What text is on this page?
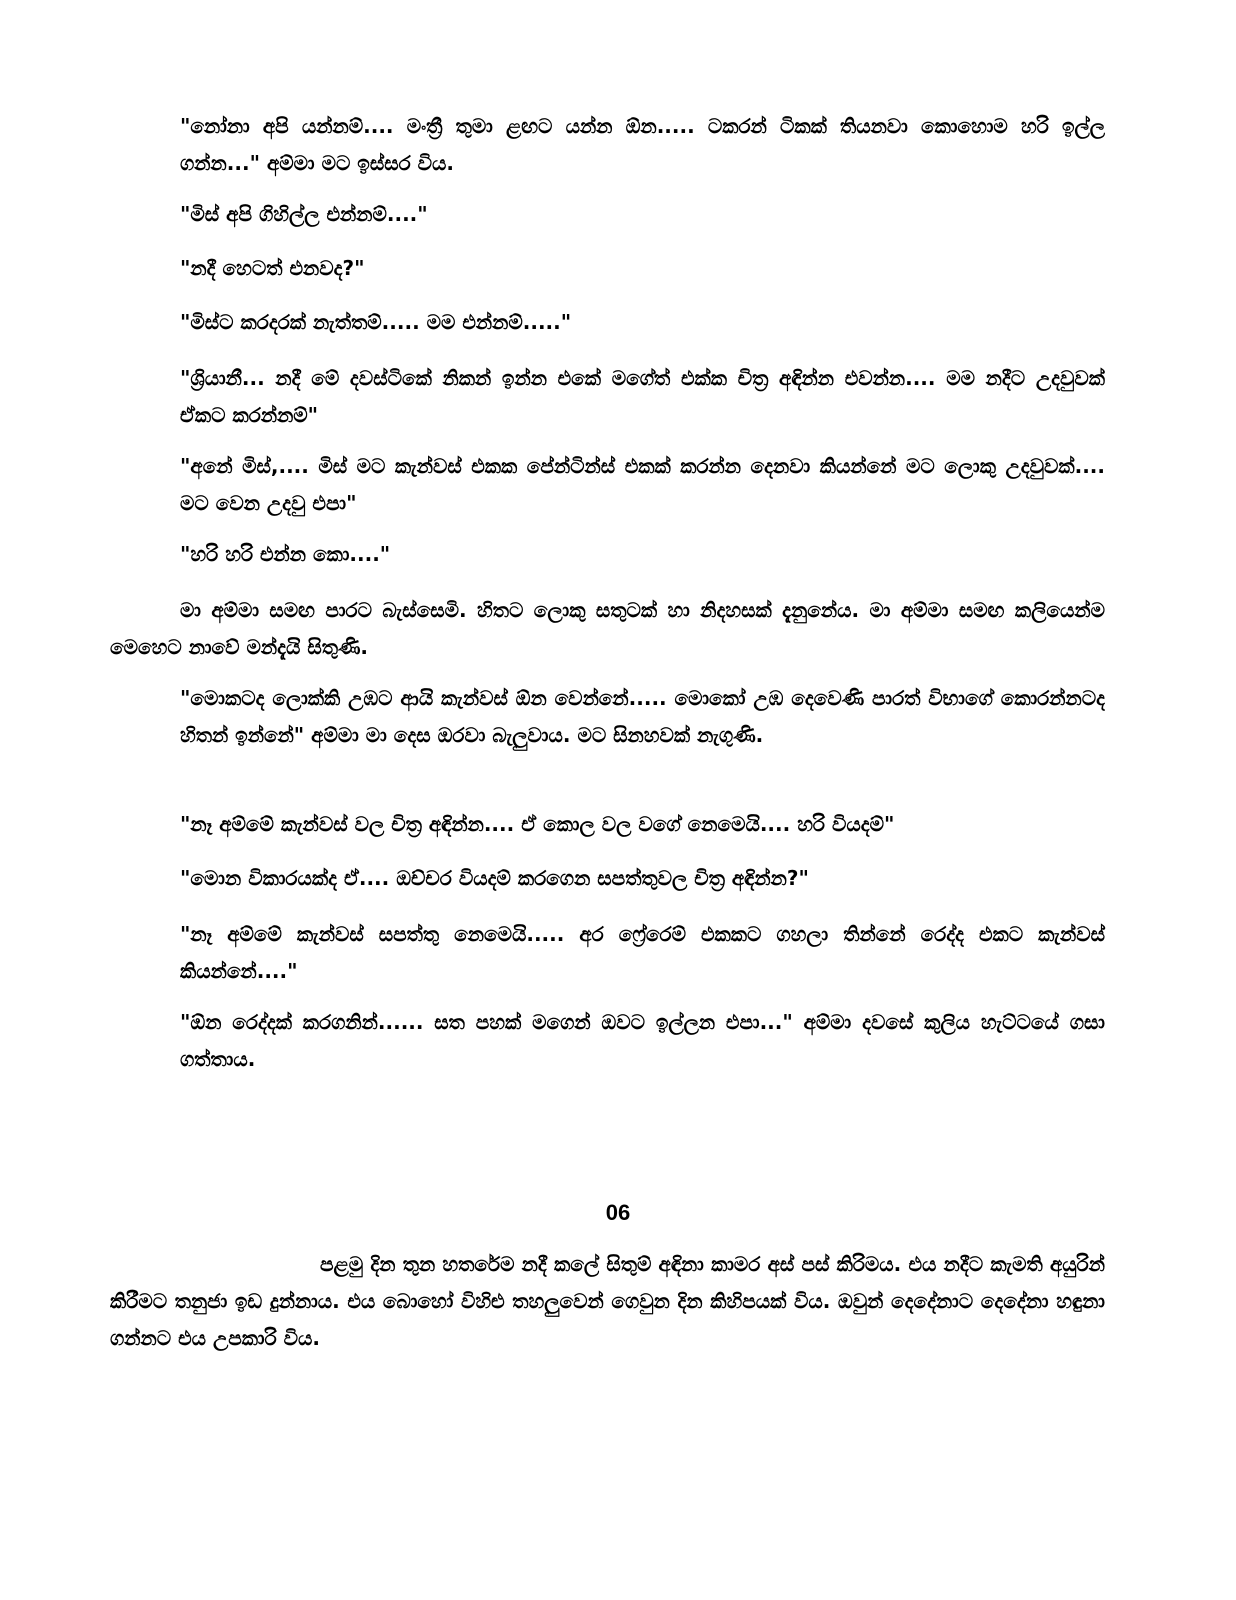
"නෝනා අපි යන්නම්.... මංත්‍රී තුමා ළඟට යන්න ඕන..... ටකරන් ටිකක් තියනවා කොහොම හරි ඉල්ල ගන්න..." අම්මා මට ඉස්සර විය.

"මිස් අපි ගිහිල්ල එන්නම්...."

"නදී හෙටත් එනවද?"

"මිස්ට කරදරක් නැත්තම්..... මම එන්නම්....."

"ශ්‍රියානී... නදී මේ දවස්ටිකේ නිකන් ඉන්න එකේ මගේත් එක්ක චිත්‍ර අඳින්න එවන්න.... මම නදීට උදවුවක් ඒකට කරන්නම්"

"අනේ මිස්,.... මිස් මට කැන්වස් එකක පේන්ටින්ස් එකක් කරන්න දෙනවා කියන්නේ මට ලොකු උදවුවක්.... මට වෙන උදවු එපා"

"හරි හරි එන්න කො...."

මා අම්මා සමඟ පාරට බැස්සෙමි. හිතට ලොකු සතුටක් හා නිදහසක් දැනුනේය. මා අම්මා සමඟ කලියෙන්ම මෙහෙට නාවේ මන්දැයි සිතුණි.

"මොකටද ලොක්කි උඹට ආයි කැන්වස් ඕන වෙන්නේ..... මොකෝ උඹ දෙවෙණි පාරත් විභාගේ කොරන්නටද හිතන් ඉන්නේ" අම්මා මා දෙස ඔරවා බැලුවාය. මට සිනහවක් නැගුණි.

"නෑ අම්මේ කැන්වස් වල චිත්‍ර අඳින්න.... ඒ කොල වල වගේ නෙමෙයි.... හරි වියදම්"

"මොන විකාරයක්ද ඒ.... ඔච්චර වියදම් කරගෙන සපත්තුවල චිත්‍ර අඳින්න?"

"නෑ අම්මේ කැන්වස් සපත්තු නෙමෙයි..... අර ෆ්‍රේරෙම් එකකට ගහලා තින්නේ රෙද්ද එකට කැන්වස් කියන්නේ...."

"ඕන රෙද්දක් කරගනින්...... සත පහක් මගෙන් ඔවට ඉල්ලන එපා..." අම්මා දවසේ කුලිය හැට්ටයේ ගසා ගත්තාය.

06

පළමු දින තුන හතරේම නදී කලේ සිතුම් අඳිනා කාමර අස් පස් කිරිමය. එය නදීට කැමති අයුරින් කිරීමට තනුජා ඉඩ දුන්නාය. එය බොහෝ විහිළු තහලුවෙන් ගෙවුන දින කිහිපයක් විය. ඔවුන් දෙදේනාට දෙදේනා හඳුනා ගන්නට එය උපකාරි විය.
